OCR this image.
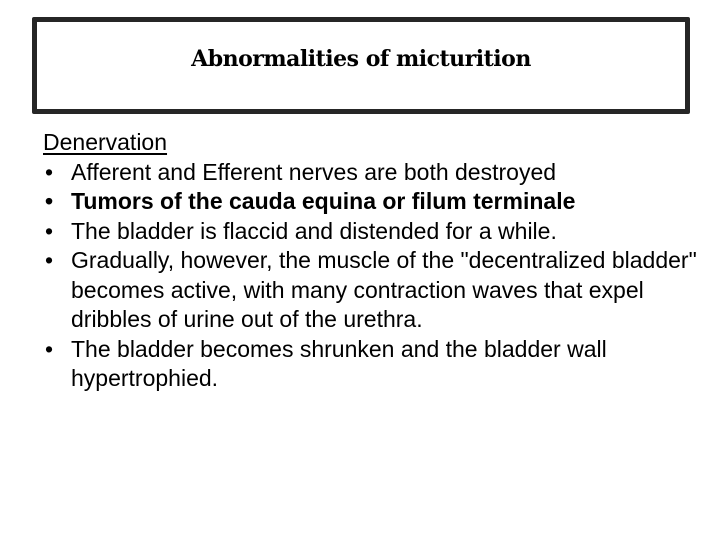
Abnormalities of micturition
Denervation
• Afferent and Efferent nerves are both destroyed
• Tumors of the cauda equina or filum terminale
• The bladder is flaccid and distended for a while.
• Gradually, however, the muscle of the "decentralized bladder" becomes active, with many contraction waves that expel dribbles of urine out of the urethra.
• The bladder becomes shrunken and the bladder wall hypertrophied.
